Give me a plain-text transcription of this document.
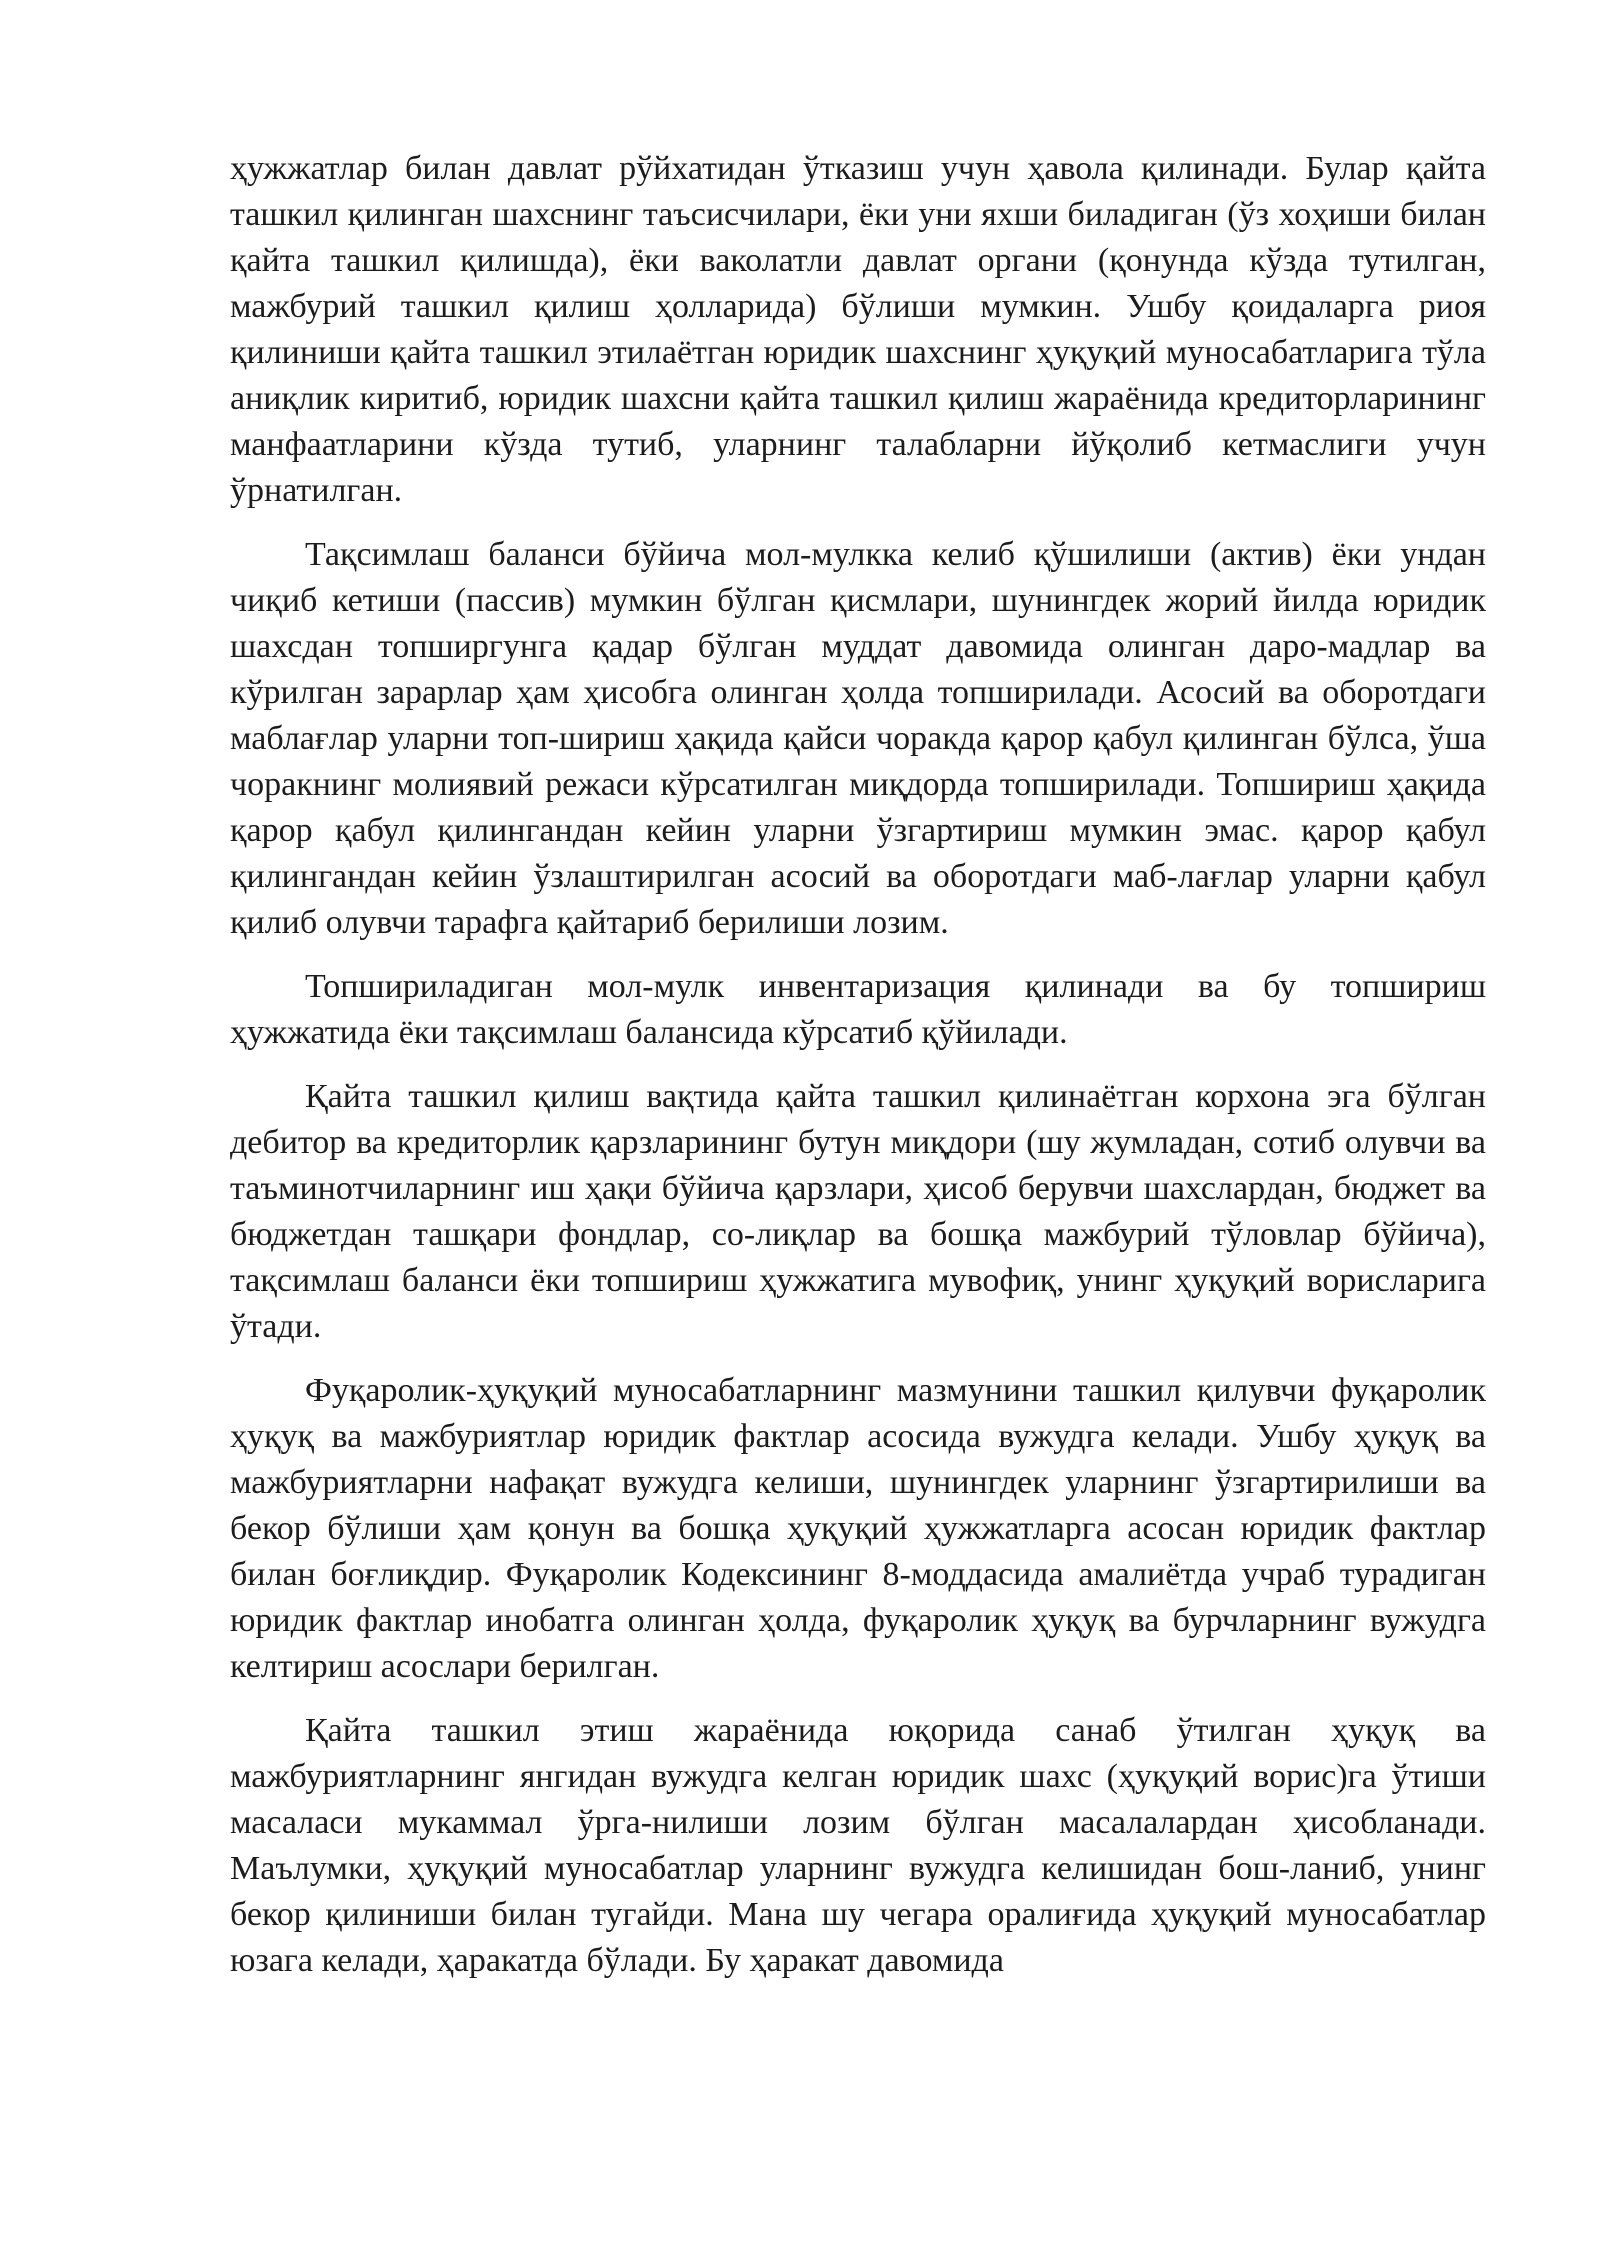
ҳужжатлар билан давлат рўйхатидан ўтказиш учун ҳавола қилинади. Булар қайта ташкил қилинган шахснинг таъсисчилари, ёки уни яхши биладиган (ўз хоҳиши билан қайта ташкил қилишда), ёки ваколатли давлат органи (қонунда кўзда тутилган, мажбурий ташкил қилиш ҳолларида) бўлиши мумкин. Ушбу қоидаларга риоя қилиниши қайта ташкил этилаётган юридик шахснинг ҳуқуқий муносабатларига тўла аниқлик киритиб, юридик шахсни қайта ташкил қилиш жараёнида кредиторларининг манфаатларини кўзда тутиб, уларнинг талабларни йўқолиб кетмаслиги учун ўрнатилган.

Тақсимлаш баланси бўйича мол-мулкка келиб қўшилиши (актив) ёки ундан чиқиб кетиши (пассив) мумкин бўлган қисмлари, шунингдек жорий йилда юридик шахсдан топширгунга қадар бўлган муддат давомида олинган даро-мадлар ва кўрилган зарарлар ҳам ҳисобга олинган ҳолда топширилади. Асосий ва оборотдаги маблағлар уларни топ-шириш ҳақида қайси чоракда қарор қабул қилинган бўлса, ўша чоракнинг молиявий режаси кўрсатилган миқдорда топширилади. Топшириш ҳақида қарор қабул қилингандан кейин уларни ўзгартириш мумкин эмас. қарор қабул қилингандан кейин ўзлаштирилган асосий ва оборотдаги маб-лағлар уларни қабул қилиб олувчи тарафга қайтариб берилиши лозим.

Топшириладиган мол-мулк инвентаризация қилинади ва бу топшириш ҳужжатида ёки тақсимлаш балансида кўрсатиб қўйилади.

Қайта ташкил қилиш вақтида қайта ташкил қилинаётган корхона эга бўлган дебитор ва кредиторлик қарзларининг бутун миқдори (шу жумладан, сотиб олувчи ва таъминотчиларнинг иш ҳақи бўйича қарзлари, ҳисоб берувчи шахслардан, бюджет ва бюджетдан ташқари фондлар, со-лиқлар ва бошқа мажбурий тўловлар бўйича), тақсимлаш баланси ёки топшириш ҳужжатига мувофиқ, унинг ҳуқуқий ворисларига ўтади.

Фуқаролик-ҳуқуқий муносабатларнинг мазмунини ташкил қилувчи фуқаролик ҳуқуқ ва мажбуриятлар юридик фактлар асосида вужудга келади. Ушбу ҳуқуқ ва мажбуриятларни нафақат вужудга келиши, шунингдек уларнинг ўзгартирилиши ва бекор бўлиши ҳам қонун ва бошқа ҳуқуқий ҳужжатларга асосан юридик фактлар билан боғлиқдир. Фуқаролик Кодексининг 8-моддасида амалиётда учраб турадиган юридик фактлар инобатга олинган ҳолда, фуқаролик ҳуқуқ ва бурчларнинг вужудга келтириш асослари берилган.

Қайта ташкил этиш жараёнида юқорида санаб ўтилган ҳуқуқ ва мажбуриятларнинг янгидан вужудга келган юридик шахс (ҳуқуқий ворис)га ўтиши масаласи мукаммал ўрга-нилиши лозим бўлган масалалардан ҳисобланади. Маълумки, ҳуқуқий муносабатлар уларнинг вужудга келишидан бош-ланиб, унинг бекор қилиниши билан тугайди. Мана шу чегара оралиғида ҳуқуқий муносабатлар юзага келади, ҳаракатда бўлади. Бу ҳаракат давомида
